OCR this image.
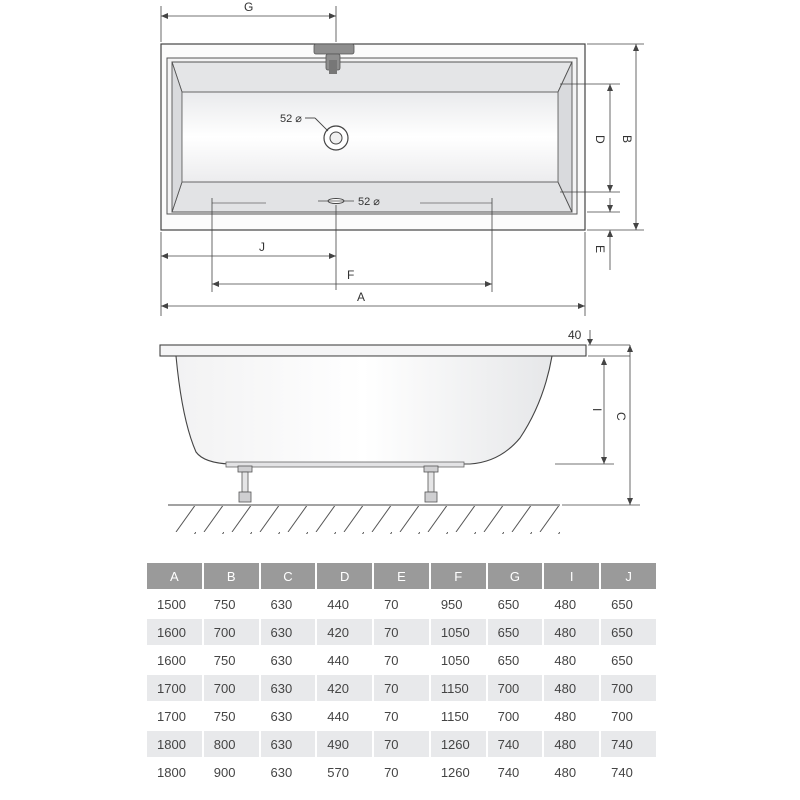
52 ⌀
52 ⌀
G
B
D
E
J
F
A
40
I
C
A	B	C	D	E	F	G	I	J
1500	750	630	440	70	950	650	480	650
1600	700	630	420	70	1050	650	480	650
1600	750	630	440	70	1050	650	480	650
1700	700	630	420	70	1150	700	480	700
1700	750	630	440	70	1150	700	480	700
1800	800	630	490	70	1260	740	480	740
1800	900	630	570	70	1260	740	480	740
